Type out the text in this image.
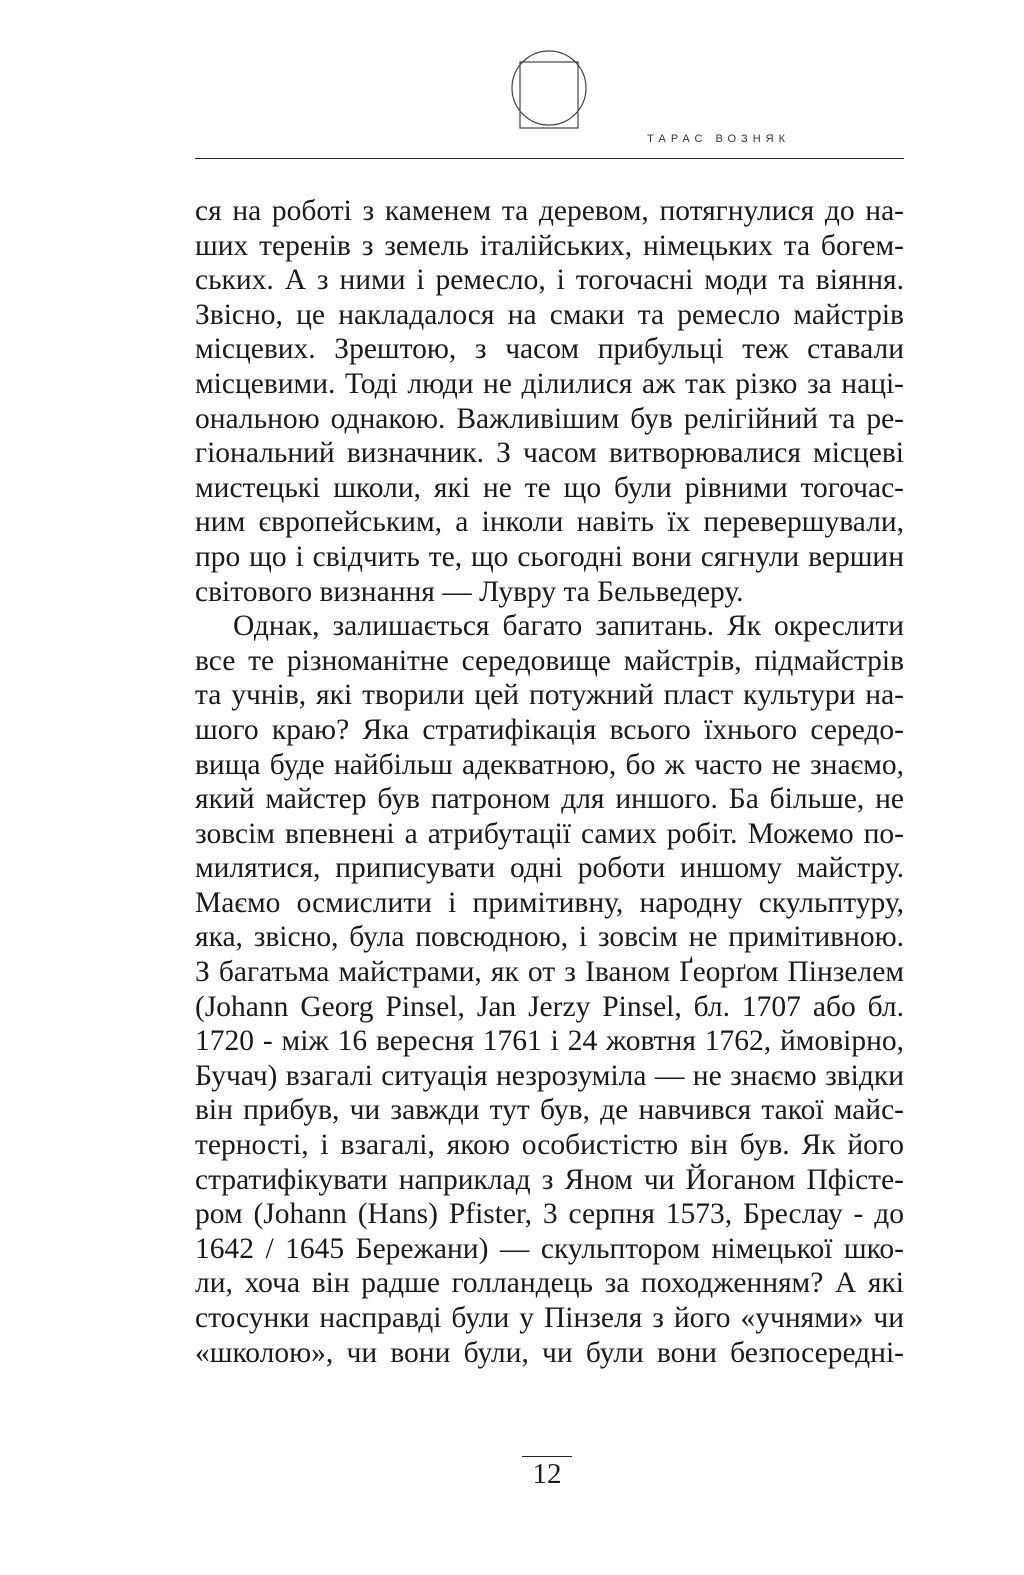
ТАРАС ВОЗНЯК
ся на роботі з каменем та деревом, потягнулися до на-
ших теренів з земель італійських, німецьких та богем-
ських. А з ними і ремесло, і тогочасні моди та віяння.
Звісно, це накладалося на смаки та ремесло майстрів
місцевих. Зрештою, з часом прибульці теж ставали
місцевими. Тоді люди не ділилися аж так різко за наці-
ональною однакою. Важливішим був релігійний та ре-
гіональний визначник. З часом витворювалися місцеві
мистецькі школи, які не те що були рівними тогочас-
ним європейським, а інколи навіть їх перевершували,
про що і свідчить те, що сьогодні вони сягнули вершин
світового визнання — Лувру та Бельведеру.
Однак, залишається багато запитань. Як окреслити
все те різноманітне середовище майстрів, підмайстрів
та учнів, які творили цей потужний пласт культури на-
шого краю? Яка стратифікація всього їхнього середо-
вища буде найбільш адекватною, бо ж часто не знаємо,
який майстер був патроном для иншого. Ба більше, не
зовсім впевнені а атрибутації самих робіт. Можемо по-
милятися, приписувати одні роботи иншому майстру.
Маємо осмислити і примітивну, народну скульптуру,
яка, звісно, була повсюдною, і зовсім не примітивною.
З багатьма майстрами, як от з Іваном Ґеорґом Пінзелем
(Johann Georg Pinsel, Jan Jerzy Pinsel, бл. 1707 або бл.
1720 - між 16 вересня 1761 і 24 жовтня 1762, ймовірно,
Бучач) взагалі ситуація незрозуміла — не знаємо звідки
він прибув, чи завжди тут був, де навчився такої майс-
терності, і взагалі, якою особистістю він був. Як його
стратифікувати наприклад з Яном чи Йоганом Пфісте-
ром (Johann (Hans) Pfister, 3 серпня 1573, Бреслау - до
1642 / 1645 Бережани) — скульптором німецької шко-
ли, хоча він радше голландець за походженням? А які
стосунки насправді були у Пінзеля з його «учнями» чи
«школою», чи вони були, чи були вони безпосередні-
12
